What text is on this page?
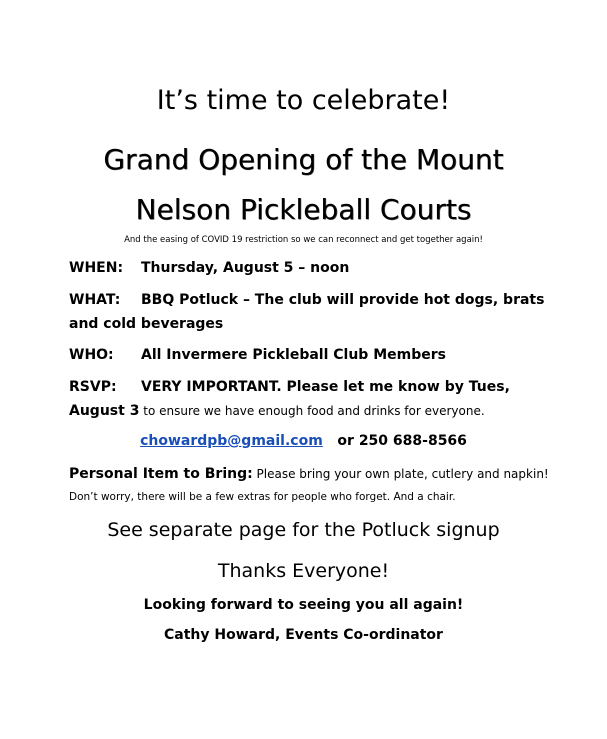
It’s time to celebrate!
Grand Opening of the Mount
Nelson Pickleball Courts
And the easing of COVID 19 restriction so we can reconnect and get together again!
WHEN: Thursday, August 5 – noon
WHAT: BBQ Potluck – The club will provide hot dogs, brats
and cold beverages
WHO: All Invermere Pickleball Club Members
RSVP: VERY IMPORTANT. Please let me know by Tues,
August 3 to ensure we have enough food and drinks for everyone.
chowardpb@gmail.com or 250 688-8566
Personal Item to Bring: Please bring your own plate, cutlery and napkin!
Don’t worry, there will be a few extras for people who forget. And a chair.
See separate page for the Potluck signup
Thanks Everyone!
Looking forward to seeing you all again!
Cathy Howard, Events Co-ordinator
